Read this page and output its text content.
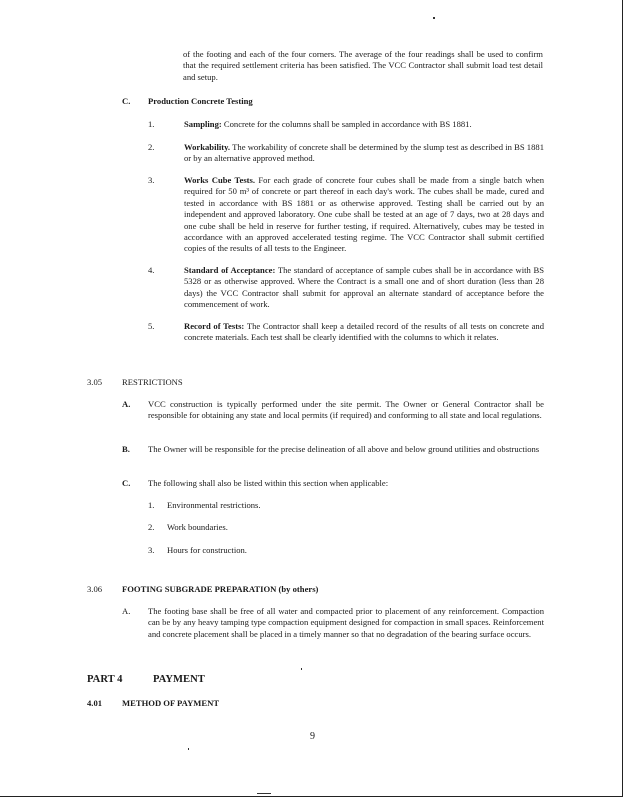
of the footing and each of the four corners. The average of the four readings shall be used to confirm that the required settlement criteria has been satisfied. The VCC Contractor shall submit load test detail and setup.
C. Production Concrete Testing
1.	Sampling: Concrete for the columns shall be sampled in accordance with BS 1881.
2.	Workability. The workability of concrete shall be determined by the slump test as described in BS 1881 or by an alternative approved method.
3.	Works Cube Tests. For each grade of concrete four cubes shall be made from a single batch when required for 50 m³ of concrete or part thereof in each day's work. The cubes shall be made, cured and tested in accordance with BS 1881 or as otherwise approved. Testing shall be carried out by an independent and approved laboratory. One cube shall be tested at an age of 7 days, two at 28 days and one cube shall be held in reserve for further testing, if required. Alternatively, cubes may be tested in accordance with an approved accelerated testing regime. The VCC Contractor shall submit certified copies of the results of all tests to the Engineer.
4.	Standard of Acceptance: The standard of acceptance of sample cubes shall be in accordance with BS 5328 or as otherwise approved. Where the Contract is a small one and of short duration (less than 28 days) the VCC Contractor shall submit for approval an alternate standard of acceptance before the commencement of work.
5.	Record of Tests: The Contractor shall keep a detailed record of the results of all tests on concrete and concrete materials. Each test shall be clearly identified with the columns to which it relates.
3.05 RESTRICTIONS
A. VCC construction is typically performed under the site permit. The Owner or General Contractor shall be responsible for obtaining any state and local permits (if required) and conforming to all state and local regulations.
B. The Owner will be responsible for the precise delineation of all above and below ground utilities and obstructions
C. The following shall also be listed within this section when applicable:
1. Environmental restrictions.
2. Work boundaries.
3. Hours for construction.
3.06 FOOTING SUBGRADE PREPARATION (by others)
A. The footing base shall be free of all water and compacted prior to placement of any reinforcement. Compaction can be by any heavy tamping type compaction equipment designed for compaction in small spaces. Reinforcement and concrete placement shall be placed in a timely manner so that no degradation of the bearing surface occurs.
PART 4	PAYMENT
4.01 METHOD OF PAYMENT
9
